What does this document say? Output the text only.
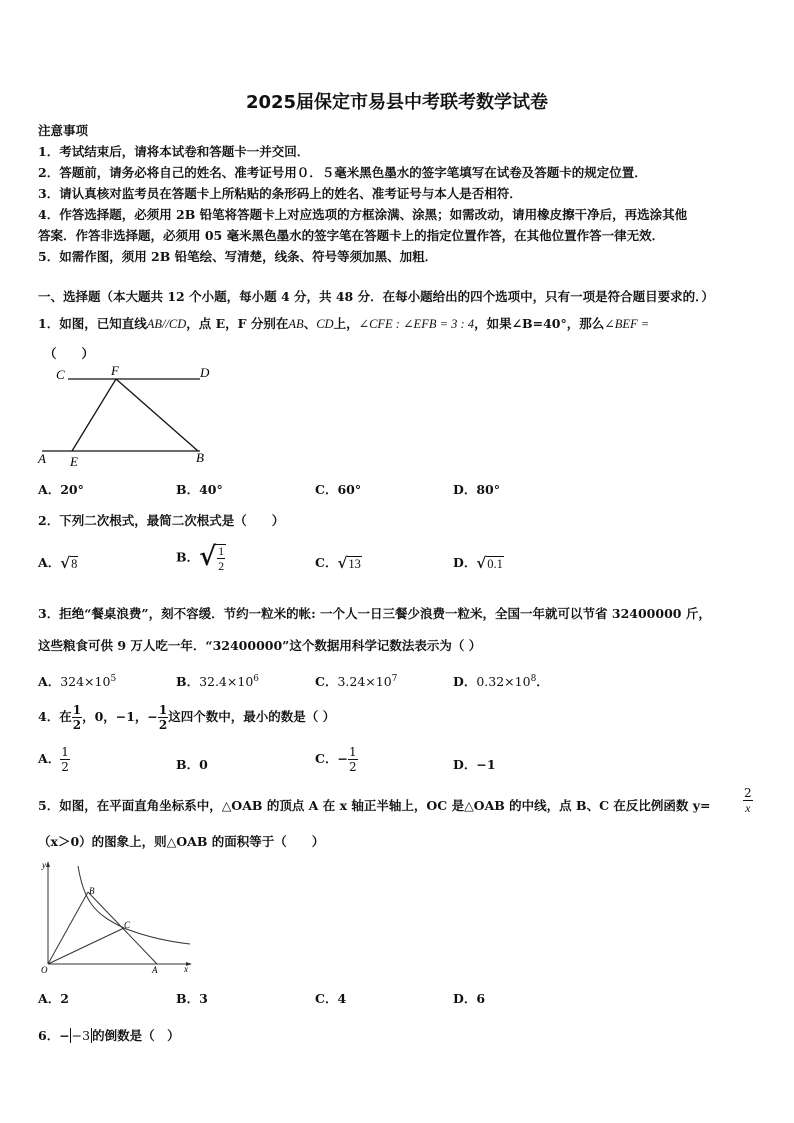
2025届保定市易县中考联考数学试卷
注意事项
1．考试结束后，请将本试卷和答题卡一并交回．
2．答题前，请务必将自己的姓名、准考证号用０．５毫米黑色墨水的签字笔填写在试卷及答题卡的规定位置．
3．请认真核对监考员在答题卡上所粘贴的条形码上的姓名、准考证号与本人是否相符．
4．作答选择题，必须用 2B 铅笔将答题卡上对应选项的方框涂满、涂黑；如需改动，请用橡皮擦干净后，再选涂其他
答案．作答非选择题，必须用 05 毫米黑色墨水的签字笔在答题卡上的指定位置作答，在其他位置作答一律无效．
5．如需作图，须用 2B 铅笔绘、写清楚，线条、符号等须加黑、加粗．
一、选择题（本大题共 12 个小题，每小题 4 分，共 48 分．在每小题给出的四个选项中，只有一项是符合题目要求的．）
1．如图，已知直线AB//CD，点 E，F 分别在AB、CD上，∠CFE : ∠EFB = 3 : 4，如果∠B=40°，那么∠BEF =
（　　）
C	F	D
A E	B
A．20°	B．40°	C．60°	D．80°
2．下列二次根式，最简二次根式是（　　）
A． √ 8	B． √ $\frac{1}{2}$	C． √ 13	D． √ 0.1
3．拒绝“餐桌浪费”，刻不容缓．节约一粒米的帐: 一个人一日三餐少浪费一粒米，全国一年就可以节省 32400000 斤，
这些粮食可供 9 万人吃一年．“32400000”这个数据用科学记数法表示为（ ）
A．$324\times 10^5$	B．$32.4\times 10^6$	C．$3.24\times 10^7$	D．$0.32\times 10^8$．
4．在 $\frac{1}{2}$ ，0，−1，− $\frac{1}{2}$ 这四个数中，最小的数是（ ）
A． $\frac{1}{2}$	B．0	C．− $\frac{1}{2}$	D．−1
5．如图，在平面直角坐标系中，△OAB 的顶点 A 在 x 轴正半轴上，OC 是△OAB 的中线，点 B、C 在反比例函数 y=	$\frac{2}{x}$
（x＞0）的图象上，则△OAB 的面积等于（　　）
y
x
O	A
B
C
A．2	B．3	C．4	D．6
6．− −3 的倒数是（　）
